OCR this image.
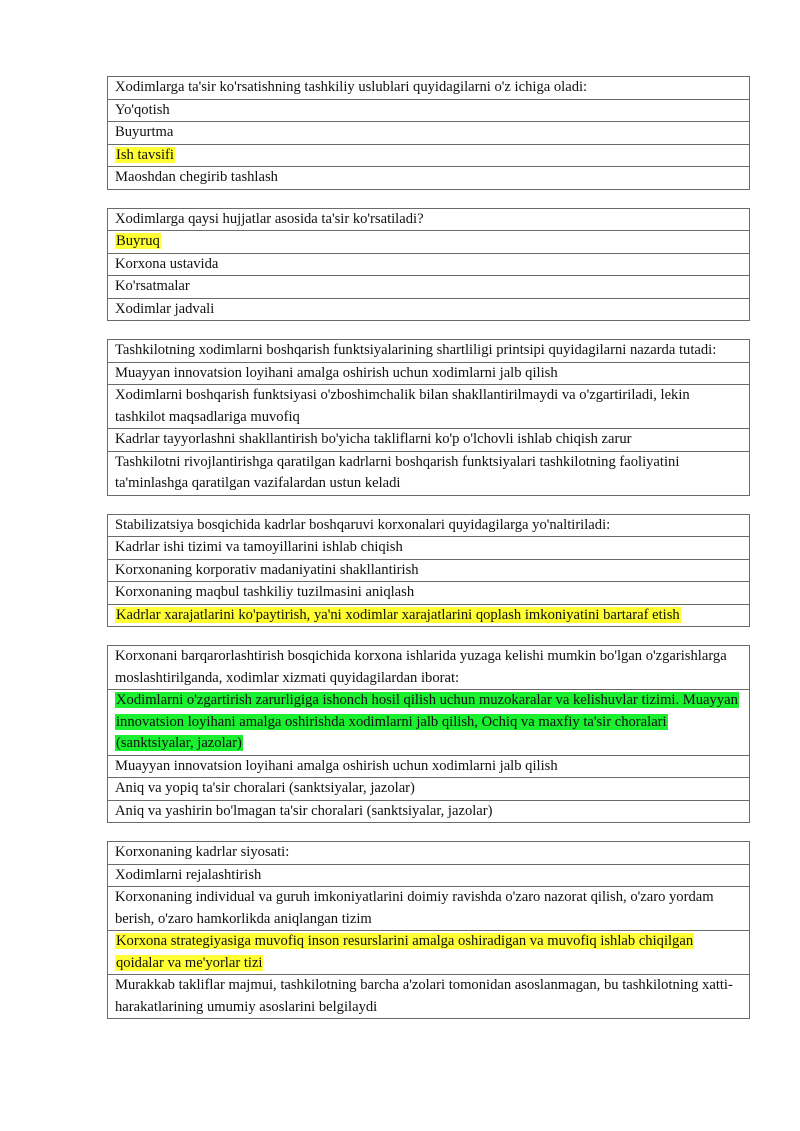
Xodimlarga ta'sir ko'rsatishning tashkiliy uslublari quyidagilarni o'z ichiga oladi:
Yo'qotish
Buyurtma
Ish tavsifi
Maoshdan chegirib tashlash
Xodimlarga qaysi hujjatlar asosida ta'sir ko'rsatiladi?
Buyruq
Korxona ustavida
Ko'rsatmalar
Xodimlar jadvali
Tashkilotning xodimlarni boshqarish funktsiyalarining shartliligi printsipi quyidagilarni nazarda tutadi:
Muayyan innovatsion loyihani amalga oshirish uchun xodimlarni jalb qilish
Xodimlarni boshqarish funktsiyasi o'zboshimchalik bilan shakllantirilmaydi va o'zgartiriladi, lekin tashkilot maqsadlariga muvofiq
Kadrlar tayyorlashni shakllantirish bo'yicha takliflarni ko'p o'lchovli ishlab chiqish zarur
Tashkilotni rivojlantirishga qaratilgan kadrlarni boshqarish funktsiyalari tashkilotning faoliyatini ta'minlashga qaratilgan vazifalardan ustun keladi
Stabilizatsiya bosqichida kadrlar boshqaruvi korxonalari quyidagilarga yo'naltiriladi:
Kadrlar ishi tizimi va tamoyillarini ishlab chiqish
Korxonaning korporativ madaniyatini shakllantirish
Korxonaning maqbul tashkiliy tuzilmasini aniqlash
Kadrlar xarajatlarini ko'paytirish, ya'ni xodimlar xarajatlarini qoplash imkoniyatini bartaraf etish
Korxonani barqarorlashtirish bosqichida korxona ishlarida yuzaga kelishi mumkin bo'lgan o'zgarishlarga moslashtirilganda, xodimlar xizmati quyidagilardan iborat:
Xodimlarni o'zgartirish zarurligiga ishonch hosil qilish uchun muzokaralar va kelishuvlar tizimi. Muayyan innovatsion loyihani amalga oshirishda xodimlarni jalb qilish, Ochiq va maxfiy ta'sir choralari (sanktsiyalar, jazolar)
Muayyan innovatsion loyihani amalga oshirish uchun xodimlarni jalb qilish
Aniq va yopiq ta'sir choralari (sanktsiyalar, jazolar)
Aniq va yashirin bo'lmagan ta'sir choralari (sanktsiyalar, jazolar)
Korxonaning kadrlar siyosati:
Xodimlarni rejalashtirish
Korxonaning individual va guruh imkoniyatlarini doimiy ravishda o'zaro nazorat qilish, o'zaro yordam berish, o'zaro hamkorlikda aniqlangan tizim
Korxona strategiyasiga muvofiq inson resurslarini amalga oshiradigan va muvofiq ishlab chiqilgan qoidalar va me'yorlar tizi
Murakkab takliflar majmui, tashkilotning barcha a'zolari tomonidan asoslanmagan, bu tashkilotning xatti-harakatlarining umumiy asoslarini belgilaydi
